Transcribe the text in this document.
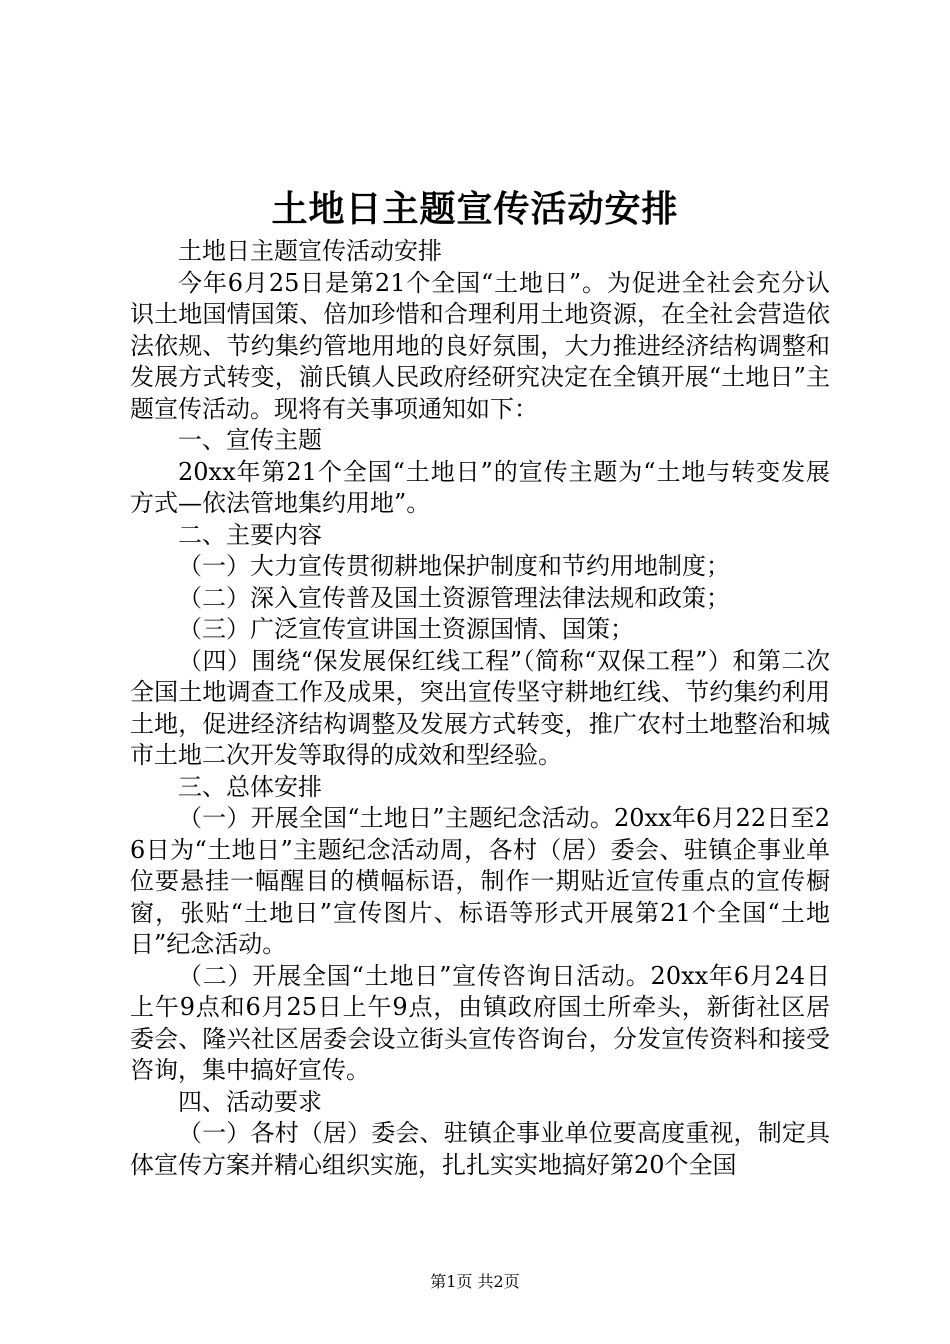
土地日主题宣传活动安排

土地日主题宣传活动安排

今年6月25日是第21个全国“土地日”。为促进全社会充分认识土地国情国策、倍加珍惜和合理利用土地资源，在全社会营造依法依规、节约集约管地用地的良好氛围，大力推进经济结构调整和发展方式转变，湔氏镇人民政府经研究决定在全镇开展“土地日”主题宣传活动。现将有关事项通知如下：

一、宣传主题

20xx年第21个全国“土地日”的宣传主题为“土地与转变发展方式—依法管地集约用地”。

二、主要内容

（一）大力宣传贯彻耕地保护制度和节约用地制度；

（二）深入宣传普及国土资源管理法律法规和政策；

（三）广泛宣传宣讲国土资源国情、国策；

（四）围绕“保发展保红线工程”（简称“双保工程”）和第二次全国土地调查工作及成果，突出宣传坚守耕地红线、节约集约利用土地，促进经济结构调整及发展方式转变，推广农村土地整治和城市土地二次开发等取得的成效和型经验。

三、总体安排

（一）开展全国“土地日”主题纪念活动。20xx年6月22日至26日为“土地日”主题纪念活动周，各村（居）委会、驻镇企事业单位要悬挂一幅醒目的横幅标语，制作一期贴近宣传重点的宣传橱窗，张贴“土地日”宣传图片、标语等形式开展第21个全国“土地日”纪念活动。

（二）开展全国“土地日”宣传咨询日活动。20xx年6月24日上午9点和6月25日上午9点，由镇政府国土所牵头，新街社区居委会、隆兴社区居委会设立街头宣传咨询台，分发宣传资料和接受咨询，集中搞好宣传。

四、活动要求

（一）各村（居）委会、驻镇企事业单位要高度重视，制定具体宣传方案并精心组织实施，扎扎实实地搞好第20个全国

第1页 共2页
